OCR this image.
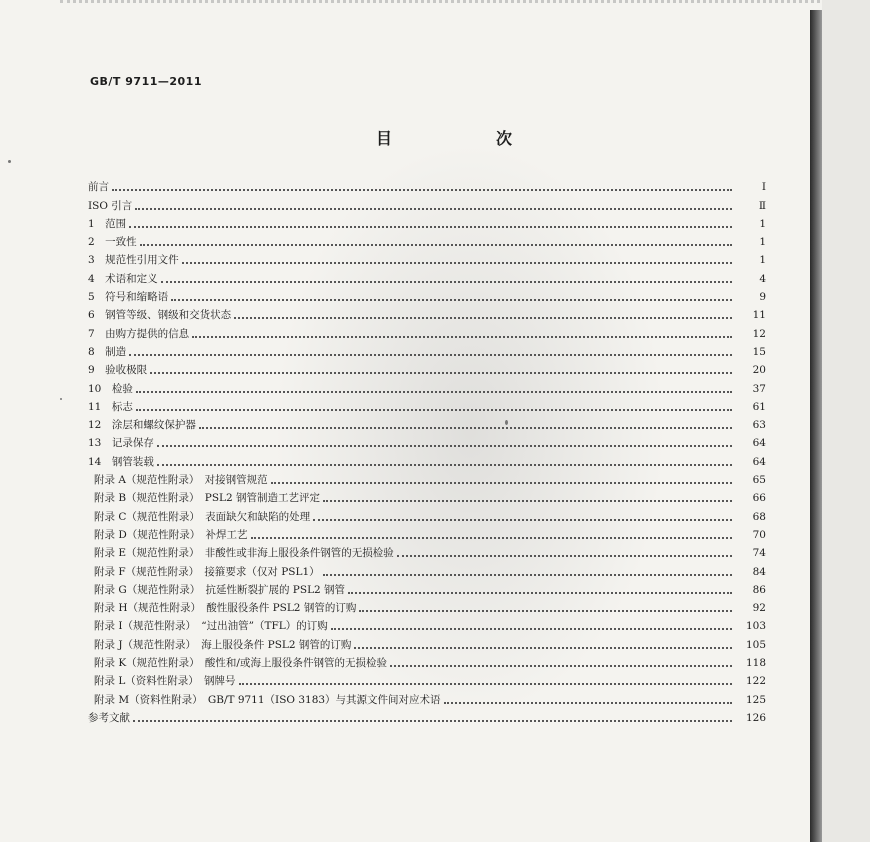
GB/T 9711—2011
目　次
前言	Ⅰ
ISO 引言	Ⅱ
1　范围	1
2　一致性	1
3　规范性引用文件	1
4　术语和定义	4
5　符号和缩略语	9
6　钢管等级、钢级和交货状态	11
7　由购方提供的信息	12
8　制造	15
9　验收极限	20
10　检验	37
11　标志	61
12　涂层和螺纹保护器	63
13　记录保存	64
14　钢管装载	64
附录 A（规范性附录）　对接钢管规范	65
附录 B（规范性附录）　PSL2 钢管制造工艺评定	66
附录 C（规范性附录）　表面缺欠和缺陷的处理	68
附录 D（规范性附录）　补焊工艺	70
附录 E（规范性附录）　非酸性或非海上服役条件钢管的无损检验	74
附录 F（规范性附录）　接箍要求（仅对 PSL1）	84
附录 G（规范性附录）　抗延性断裂扩展的 PSL2 钢管	86
附录 H（规范性附录）　酸性服役条件 PSL2 钢管的订购	92
附录 I（规范性附录）　“过出油管”（TFL）的订购	103
附录 J（规范性附录）　海上服役条件 PSL2 钢管的订购	105
附录 K（规范性附录）　酸性和/或海上服役条件钢管的无损检验	118
附录 L（资料性附录）　钢牌号	122
附录 M（资料性附录）　GB/T 9711（ISO 3183）与其源文件间对应术语	125
参考文献	126
